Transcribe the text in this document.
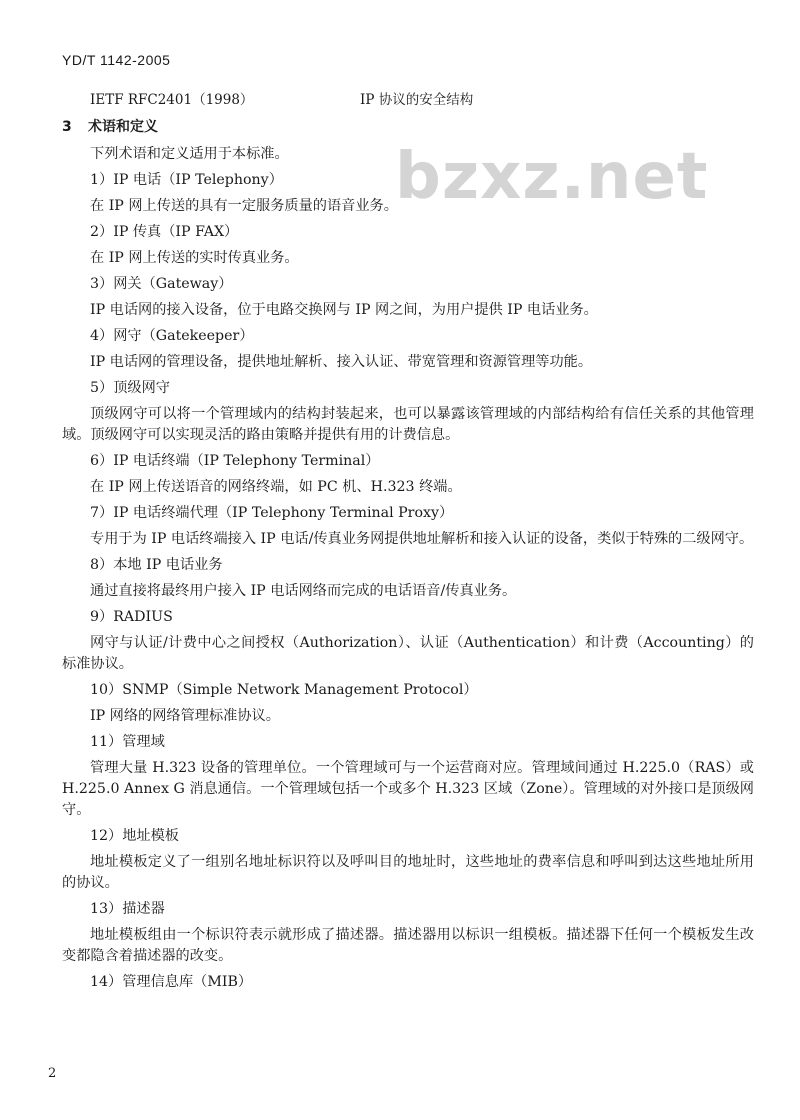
YD/T 1142-2005
IETF RFC2401（1998）	IP 协议的安全结构
3 术语和定义

下列术语和定义适用于本标准。

1）IP 电话（IP Telephony）

在 IP 网上传送的具有一定服务质量的语音业务。

2）IP 传真（IP FAX）

在 IP 网上传送的实时传真业务。

3）网关（Gateway）

IP 电话网的接入设备，位于电路交换网与 IP 网之间，为用户提供 IP 电话业务。

4）网守（Gatekeeper）

IP 电话网的管理设备，提供地址解析、接入认证、带宽管理和资源管理等功能。

5）顶级网守

顶级网守可以将一个管理域内的结构封装起来，也可以暴露该管理域的内部结构给有信任关系的其他管理域。顶级网守可以实现灵活的路由策略并提供有用的计费信息。

6）IP 电话终端（IP Telephony Terminal）

在 IP 网上传送语音的网络终端，如 PC 机、H.323 终端。

7）IP 电话终端代理（IP Telephony Terminal Proxy）

专用于为 IP 电话终端接入 IP 电话/传真业务网提供地址解析和接入认证的设备，类似于特殊的二级网守。

8）本地 IP 电话业务

通过直接将最终用户接入 IP 电话网络而完成的电话语音/传真业务。

9）RADIUS

网守与认证/计费中心之间授权（Authorization）、认证（Authentication）和计费（Accounting）的标准协议。

10）SNMP（Simple Network Management Protocol）

IP 网络的网络管理标准协议。

11）管理域

管理大量 H.323 设备的管理单位。一个管理域可与一个运营商对应。管理域间通过 H.225.0（RAS）或 H.225.0 Annex G 消息通信。一个管理域包括一个或多个 H.323 区域（Zone）。管理域的对外接口是顶级网守。

12）地址模板

地址模板定义了一组别名地址标识符以及呼叫目的地址时，这些地址的费率信息和呼叫到达这些地址所用的协议。

13）描述器

地址模板组由一个标识符表示就形成了描述器。描述器用以标识一组模板。描述器下任何一个模板发生改变都隐含着描述器的改变。

14）管理信息库（MIB）

bzxz.net
2
